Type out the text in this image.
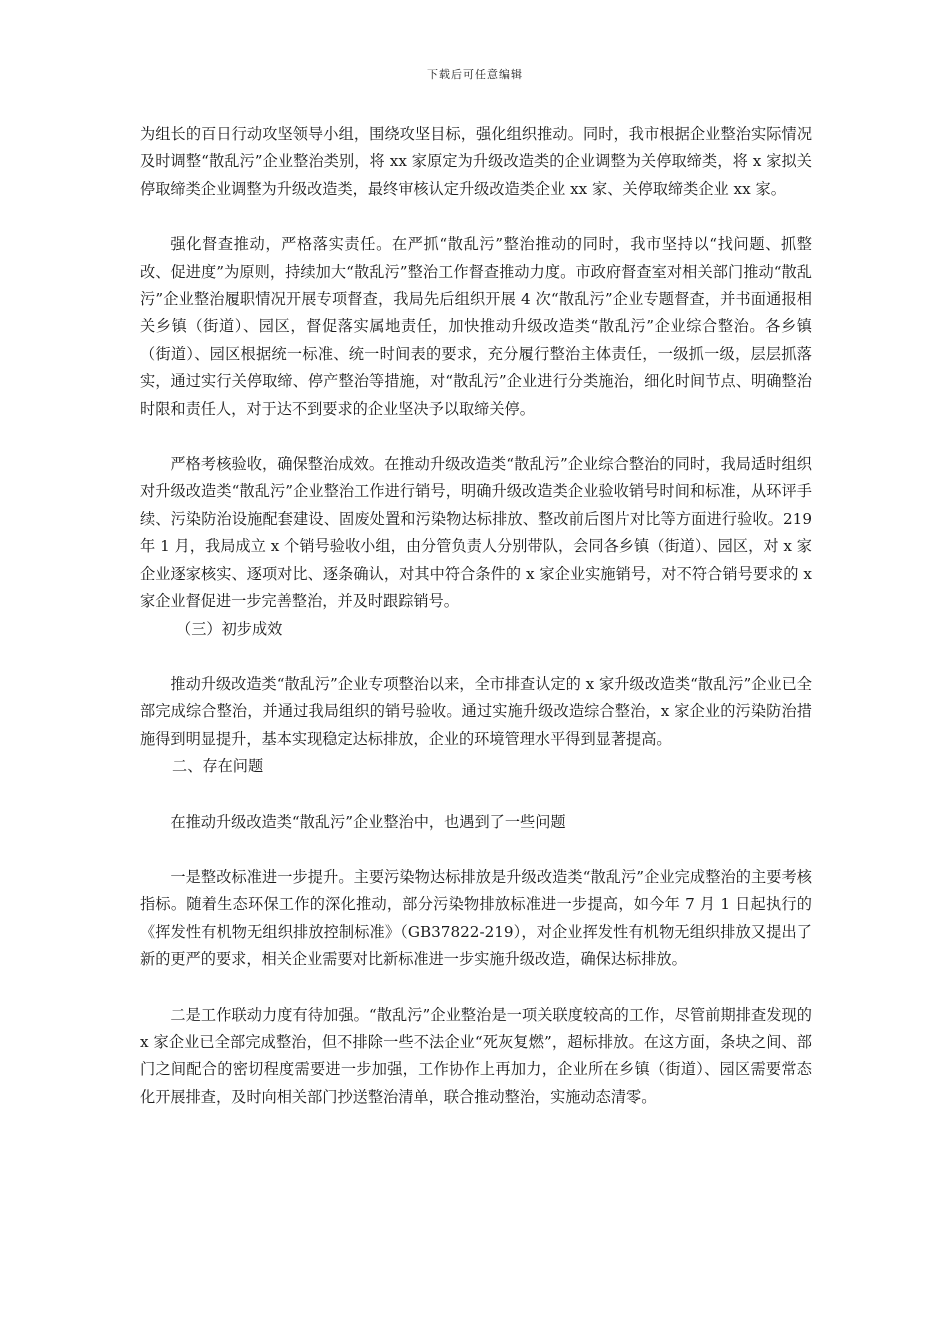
下载后可任意编辑

为组长的百日行动攻坚领导小组，围绕攻坚目标，强化组织推动。同时，我市根据企业整治实际情况及时调整“散乱污”企业整治类别，将 xx 家原定为升级改造类的企业调整为关停取缔类，将 x 家拟关停取缔类企业调整为升级改造类，最终审核认定升级改造类企业 xx 家、关停取缔类企业 xx 家。

强化督查推动，严格落实责任。在严抓“散乱污”整治推动的同时，我市坚持以“找问题、抓整改、促进度”为原则，持续加大“散乱污”整治工作督查推动力度。市政府督查室对相关部门推动“散乱污”企业整治履职情况开展专项督查，我局先后组织开展 4 次“散乱污”企业专题督查，并书面通报相关乡镇（街道）、园区，督促落实属地责任，加快推动升级改造类“散乱污”企业综合整治。各乡镇（街道）、园区根据统一标准、统一时间表的要求，充分履行整治主体责任，一级抓一级，层层抓落实，通过实行关停取缔、停产整治等措施，对“散乱污”企业进行分类施治，细化时间节点、明确整治时限和责任人，对于达不到要求的企业坚决予以取缔关停。

严格考核验收，确保整治成效。在推动升级改造类“散乱污”企业综合整治的同时，我局适时组织对升级改造类“散乱污”企业整治工作进行销号，明确升级改造类企业验收销号时间和标准，从环评手续、污染防治设施配套建设、固废处置和污染物达标排放、整改前后图片对比等方面进行验收。219 年 1 月，我局成立 x 个销号验收小组，由分管负责人分别带队，会同各乡镇（街道）、园区，对 x 家企业逐家核实、逐项对比、逐条确认，对其中符合条件的 x 家企业实施销号，对不符合销号要求的 x 家企业督促进一步完善整治，并及时跟踪销号。

（三）初步成效

推动升级改造类“散乱污”企业专项整治以来，全市排查认定的 x 家升级改造类“散乱污”企业已全部完成综合整治，并通过我局组织的销号验收。通过实施升级改造综合整治，x 家企业的污染防治措施得到明显提升，基本实现稳定达标排放，企业的环境管理水平得到显著提高。

二、存在问题

在推动升级改造类“散乱污”企业整治中，也遇到了一些问题

一是整改标准进一步提升。主要污染物达标排放是升级改造类“散乱污”企业完成整治的主要考核指标。随着生态环保工作的深化推动，部分污染物排放标准进一步提高，如今年 7 月 1 日起执行的《挥发性有机物无组织排放控制标准》（GB37822-219），对企业挥发性有机物无组织排放又提出了新的更严的要求，相关企业需要对比新标准进一步实施升级改造，确保达标排放。

二是工作联动力度有待加强。“散乱污”企业整治是一项关联度较高的工作，尽管前期排查发现的 x 家企业已全部完成整治，但不排除一些不法企业“死灰复燃”，超标排放。在这方面，条块之间、部门之间配合的密切程度需要进一步加强，工作协作上再加力，企业所在乡镇（街道）、园区需要常态化开展排查，及时向相关部门抄送整治清单，联合推动整治，实施动态清零。
